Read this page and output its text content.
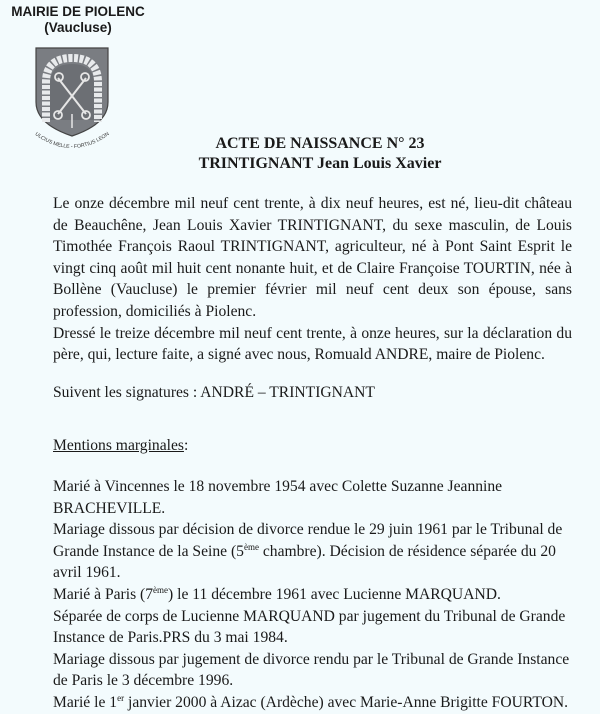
MAIRIE DE PIOLENC
(Vaucluse)
ULCIUS MELLE - FORTIUS LEON
ACTE DE NAISSANCE N° 23
TRINTIGNANT Jean Louis Xavier

Le onze décembre mil neuf cent trente, à dix neuf heures, est né, lieu-dit château de Beauchêne, Jean Louis Xavier TRINTIGNANT, du sexe masculin, de Louis Timothée François Raoul TRINTIGNANT, agriculteur, né à Pont Saint Esprit le vingt cinq août mil huit cent nonante huit, et de Claire Françoise TOURTIN, née à Bollène (Vaucluse) le premier février mil neuf cent deux son épouse, sans profession, domiciliés à Piolenc.

Dressé le treize décembre mil neuf cent trente, à onze heures, sur la déclaration du père, qui, lecture faite, a signé avec nous, Romuald ANDRE, maire de Piolenc.

Suivent les signatures : ANDRÉ – TRINTIGNANT
Mentions marginales:

Marié à Vincennes le 18 novembre 1954 avec Colette Suzanne Jeannine BRACHEVILLE.

Mariage dissous par décision de divorce rendue le 29 juin 1961 par le Tribunal de Grande Instance de la Seine (5ème chambre). Décision de résidence séparée du 20 avril 1961.

Marié à Paris (7ème) le 11 décembre 1961 avec Lucienne MARQUAND.

Séparée de corps de Lucienne MARQUAND par jugement du Tribunal de Grande Instance de Paris.PRS du 3 mai 1984.

Mariage dissous par jugement de divorce rendu par le Tribunal de Grande Instance de Paris le 3 décembre 1996.

Marié le 1er janvier 2000 à Aizac (Ardèche) avec Marie-Anne Brigitte FOURTON.
